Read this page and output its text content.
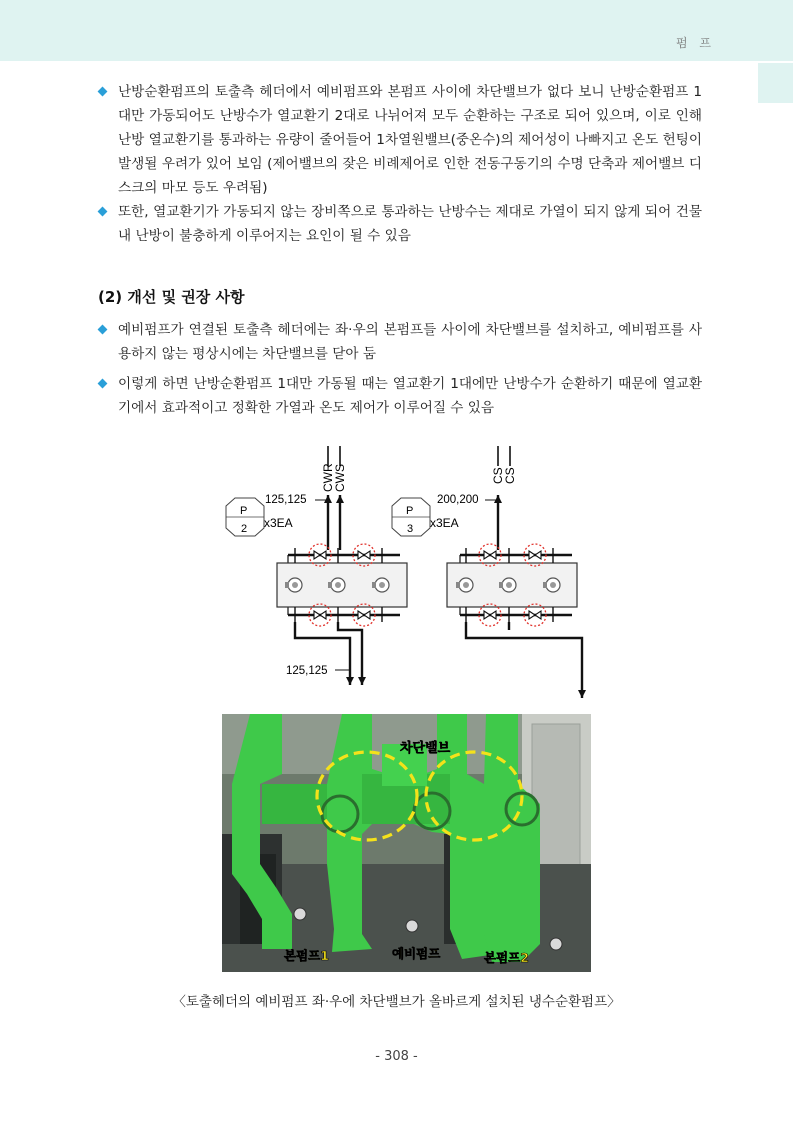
펌 프
난방순환펌프의 토출측 헤더에서 예비펌프와 본펌프 사이에 차단밸브가 없다 보니 난방순환펌프 1대만 가동되어도 난방수가 열교환기 2대로 나뉘어져 모두 순환하는 구조로 되어 있으며, 이로 인해 난방 열교환기를 통과하는 유량이 줄어들어 1차열원밸브(중온수)의 제어성이 나빠지고 온도 헌팅이 발생될 우려가 있어 보임 (제어밸브의 잦은 비례제어로 인한 전동구동기의 수명 단축과 제어밸브 디스크의 마모 등도 우려됨)
또한, 열교환기가 가동되지 않는 장비쪽으로 통과하는 난방수는 제대로 가열이 되지 않게 되어 건물 내 난방이 불충하게 이루어지는 요인이 될 수 있음
(2) 개선 및 권장 사항
예비펌프가 연결된 토출측 헤더에는 좌·우의 본펌프들 사이에 차단밸브를 설치하고, 예비펌프를 사용하지 않는 평상시에는 차단밸브를 닫아 둠
이렇게 하면 난방순환펌프 1대만 가동될 때는 열교환기 1대에만 난방수가 순환하기 때문에 열교환기에서 효과적이고 정확한 가열과 온도 제어가 이루어질 수 있음
CWR
CWS
125,125
P
2 x3EA
125,125
CS
CS
200,200
P
3 x3EA
차단밸브
본펌프1	예비펌프	본펌프2
〈토출헤더의 예비펌프 좌·우에 차단밸브가 올바르게 설치된 냉수순환펌프〉
- 308 -
